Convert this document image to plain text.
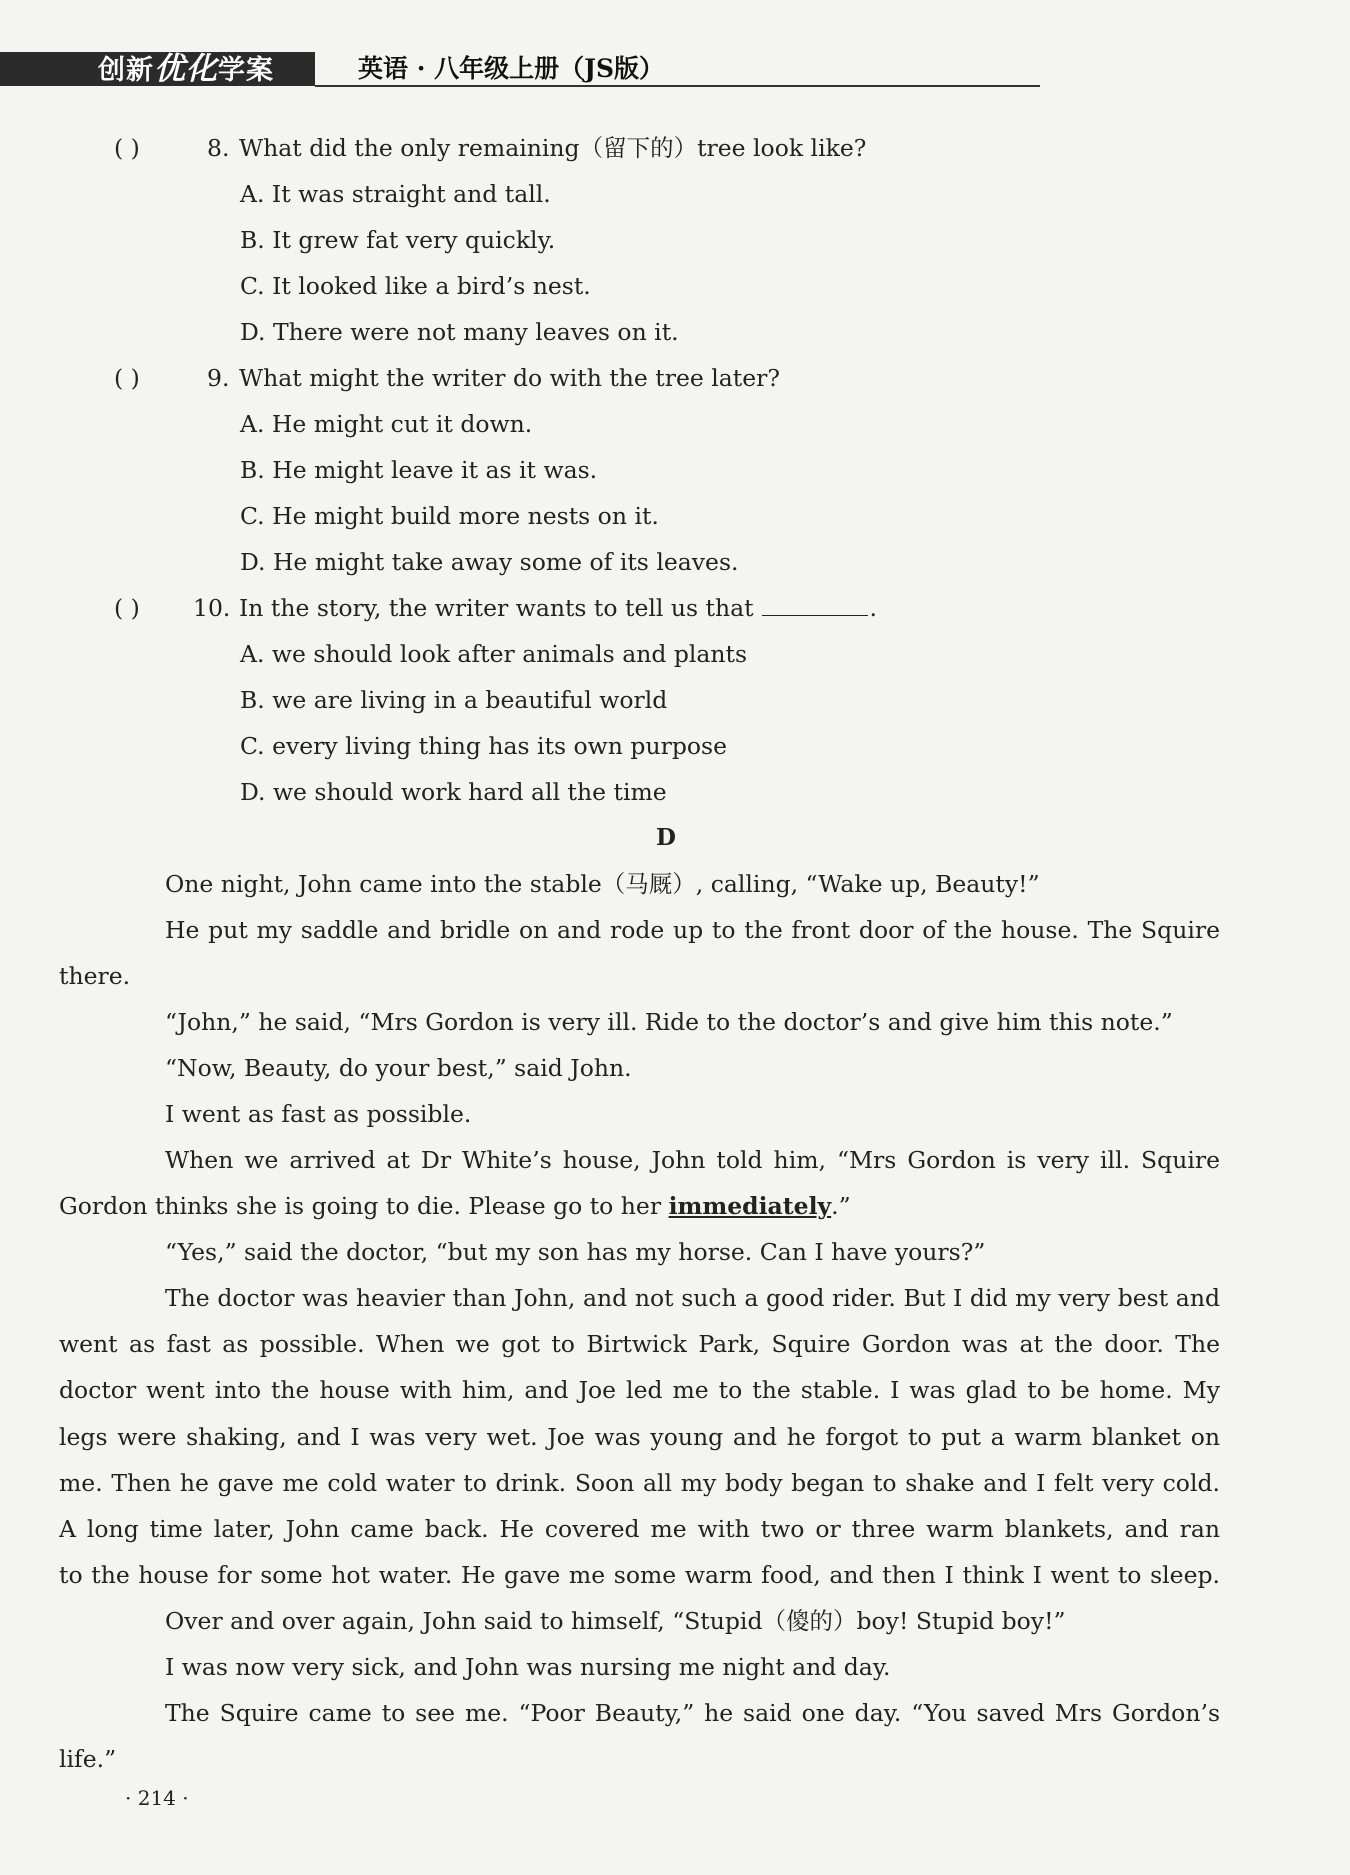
创新优化学案	英语 · 八年级上册（JS版）
( )	8. What did the only remaining（留下的）tree look like?
A. It was straight and tall.
B. It grew fat very quickly.
C. It looked like a bird’s nest.
D. There were not many leaves on it.
( )	9. What might the writer do with the tree later?
A. He might cut it down.
B. He might leave it as it was.
C. He might build more nests on it.
D. He might take away some of its leaves.
( ) 10. In the story, the writer wants to tell us that	.
A. we should look after animals and plants
B. we are living in a beautiful world
C. every living thing has its own purpose
D. we should work hard all the time
D
One night, John came into the stable（马厩）, calling, “Wake up, Beauty!”
He put my saddle and bridle on and rode up to the front door of the house. The Squire
there.
“John,” he said, “Mrs Gordon is very ill. Ride to the doctor’s and give him this note.”
“Now, Beauty, do your best,” said John.
I went as fast as possible.
When we arrived at Dr White’s house, John told him, “Mrs Gordon is very ill. Squire
Gordon thinks she is going to die. Please go to her immediately.”
“Yes,” said the doctor, “but my son has my horse. Can I have yours?”
The doctor was heavier than John, and not such a good rider. But I did my very best and
went as fast as possible. When we got to Birtwick Park, Squire Gordon was at the door. The
doctor went into the house with him, and Joe led me to the stable. I was glad to be home. My
legs were shaking, and I was very wet. Joe was young and he forgot to put a warm blanket on
me. Then he gave me cold water to drink. Soon all my body began to shake and I felt very cold.
A long time later, John came back. He covered me with two or three warm blankets, and ran
to the house for some hot water. He gave me some warm food, and then I think I went to sleep.
Over and over again, John said to himself, “Stupid（傻的）boy! Stupid boy!”
I was now very sick, and John was nursing me night and day.
The Squire came to see me. “Poor Beauty,” he said one day. “You saved Mrs Gordon’s
life.”
· 214 ·
